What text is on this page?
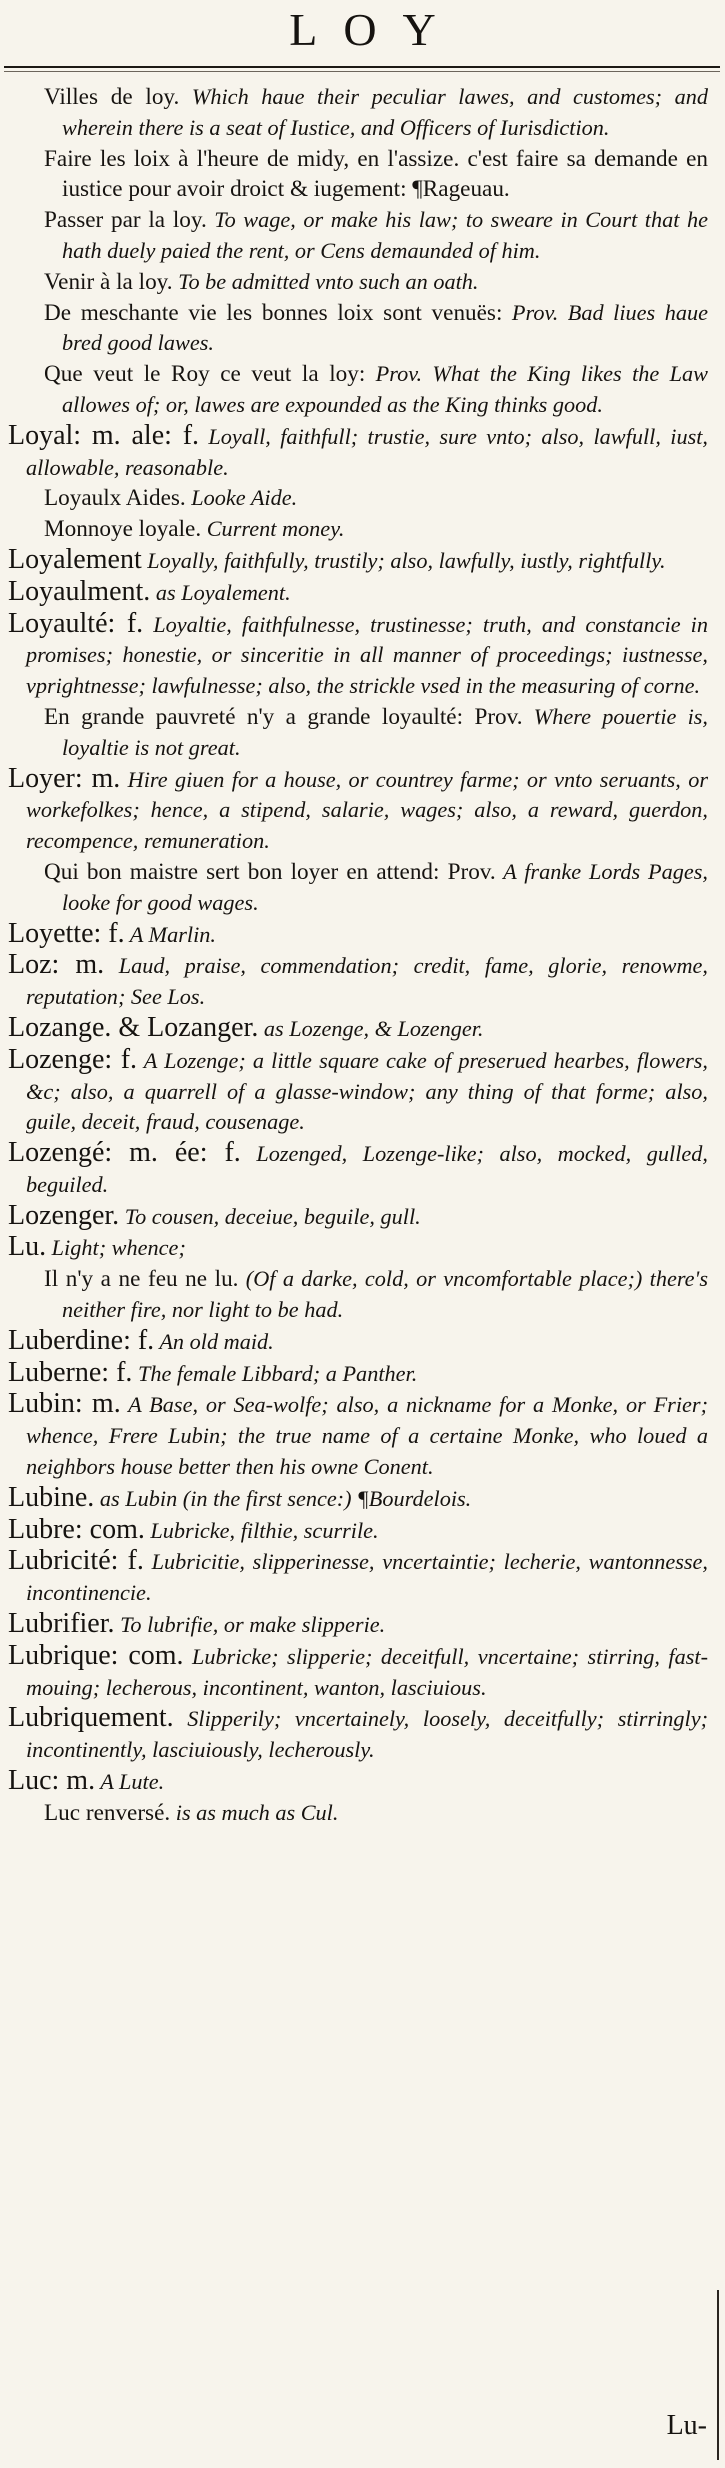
LOY

Villes de loy. Which haue their peculiar lawes, and customes; and wherein there is a seat of Iustice, and Officers of Iurisdiction.

Faire les loix à l'heure de midy, en l'assize. c'est faire sa demande en iustice pour avoir droict & iugement: ¶Rageuau.

Passer par la loy. To wage, or make his law; to sweare in Court that he hath duely paied the rent, or Cens demaunded of him.

Venir à la loy. To be admitted vnto such an oath.

De meschante vie les bonnes loix sont venuës: Prov. Bad liues haue bred good lawes.

Que veut le Roy ce veut la loy: Prov. What the King likes the Law allowes of; or, lawes are expounded as the King thinks good.

Loyal: m. ale: f. Loyall, faithfull; trustie, sure vnto; also, lawfull, iust, allowable, reasonable.

Loyaulx Aides. Looke Aide.

Monnoye loyale. Current money.

Loyalement Loyally, faithfully, trustily; also, lawfully, iustly, rightfully.

Loyaulment. as Loyalement.

Loyaulté: f. Loyaltie, faithfulnesse, trustinesse; truth, and constancie in promises; honestie, or sinceritie in all manner of proceedings; iustnesse, vprightnesse; lawfulnesse; also, the strickle vsed in the measuring of corne.

En grande pauvreté n'y a grande loyaulté: Prov. Where pouertie is, loyaltie is not great.

Loyer: m. Hire giuen for a house, or countrey farme; or vnto seruants, or workefolkes; hence, a stipend, salarie, wages; also, a reward, guerdon, recompence, remuneration.

Qui bon maistre sert bon loyer en attend: Prov. A franke Lords Pages, looke for good wages.

Loyette: f. A Marlin.

Loz: m. Laud, praise, commendation; credit, fame, glorie, renowme, reputation; See Los.

Lozange. & Lozanger. as Lozenge, & Lozenger.

Lozenge: f. A Lozenge; a little square cake of preserued hearbes, flowers, &c; also, a quarrell of a glasse-window; any thing of that forme; also, guile, deceit, fraud, cousenage.

Lozengé: m. ée: f. Lozenged, Lozenge-like; also, mocked, gulled, beguiled.

Lozenger. To cousen, deceiue, beguile, gull.

Lu. Light; whence;

Il n'y a ne feu ne lu. (Of a darke, cold, or vncomfortable place;) there's neither fire, nor light to be had.

Luberdine: f. An old maid.

Luberne: f. The female Libbard; a Panther.

Lubin: m. A Base, or Sea-wolfe; also, a nickname for a Monke, or Frier; whence, Frere Lubin; the true name of a certaine Monke, who loued a neighbors house better then his owne Conent.

Lubine. as Lubin (in the first sence:) ¶Bourdelois.

Lubre: com. Lubricke, filthie, scurrile.

Lubricité: f. Lubricitie, slipperinesse, vncertaintie; lecherie, wantonnesse, incontinencie.

Lubrifier. To lubrifie, or make slipperie.

Lubrique: com. Lubricke; slipperie; deceitfull, vncertaine; stirring, fast-mouing; lecherous, incontinent, wanton, lasciuious.

Lubriquement. Slipperily; vncertainely, loosely, deceitfully; stirringly; incontinently, lasciuiously, lecherously.

Luc: m. A Lute.

Luc renversé. is as much as Cul.

Lu-
